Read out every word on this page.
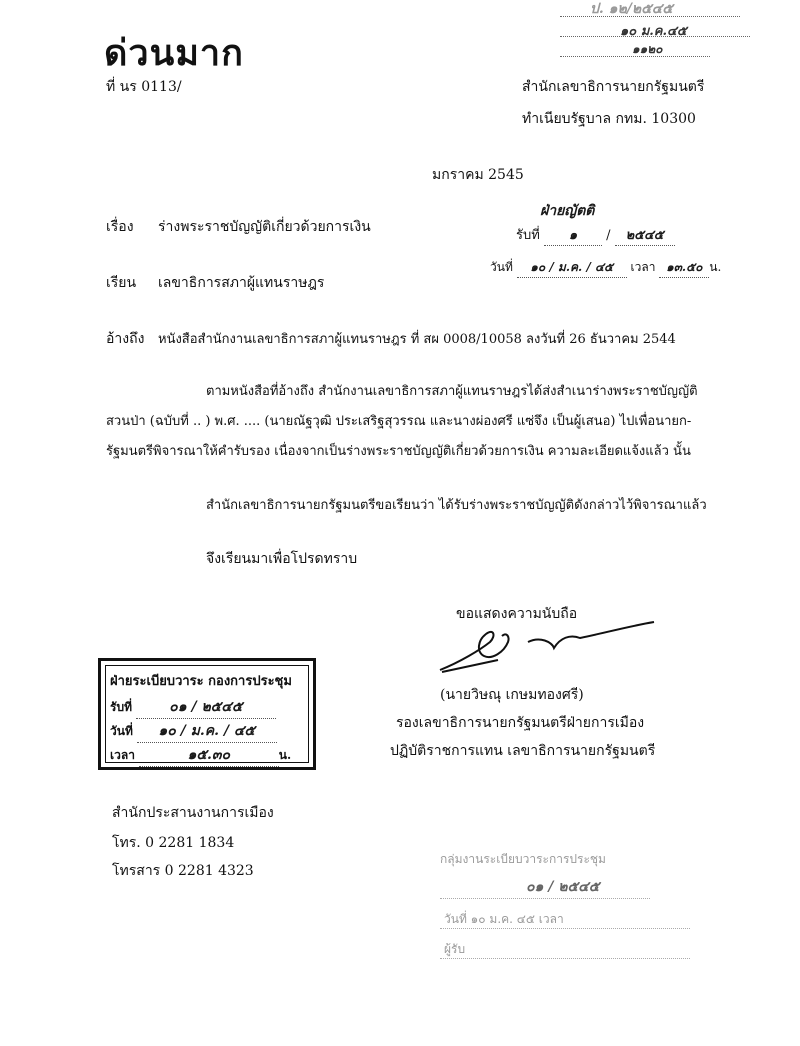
ป. ๑๒/๒๕๔๕
๑๐ ม.ค.๔๕
๑๑๒๐
ด่วนมาก
ที่ นร 0113/	สำนักเลขาธิการนายกรัฐมนตรี
ทำเนียบรัฐบาล กทม. 10300
มกราคม 2545
ฝ่ายญัตติ
รับที่ ๑ / ๒๕๔๕
วันที่ ๑๐ / ม.ค. / ๔๕ เวลา ๑๓.๕๐ น.
เรื่อง ร่างพระราชบัญญัติเกี่ยวด้วยการเงิน
เรียน เลขาธิการสภาผู้แทนราษฎร
อ้างถึง หนังสือสำนักงานเลขาธิการสภาผู้แทนราษฎร ที่ สผ 0008/10058 ลงวันที่ 26 ธันวาคม 2544
ตามหนังสือที่อ้างถึง สำนักงานเลขาธิการสภาผู้แทนราษฎรได้ส่งสำเนาร่างพระราชบัญญัติ
สวนป่า (ฉบับที่ .. ) พ.ศ. .... (นายณัฐวุฒิ ประเสริฐสุวรรณ และนางผ่องศรี แซ่จึง เป็นผู้เสนอ) ไปเพื่อนายก-
รัฐมนตรีพิจารณาให้คำรับรอง เนื่องจากเป็นร่างพระราชบัญญัติเกี่ยวด้วยการเงิน ความละเอียดแจ้งแล้ว นั้น
สำนักเลขาธิการนายกรัฐมนตรีขอเรียนว่า ได้รับร่างพระราชบัญญัติดังกล่าวไว้พิจารณาแล้ว
จึงเรียนมาเพื่อโปรดทราบ
ขอแสดงความนับถือ
(นายวิษณุ เกษมทองศรี)
รองเลขาธิการนายกรัฐมนตรีฝ่ายการเมือง
ปฏิบัติราชการแทน เลขาธิการนายกรัฐมนตรี
ฝ่ายระเบียบวาระ กองการประชุม
รับที่	๐๑ / ๒๕๔๕
วันที่ ๑๐ / ม.ค. / ๔๕
เวลา	๑๕.๓๐	น.
สำนักประสานงานการเมือง
โทร. 0 2281 1834
โทรสาร 0 2281 4323
กลุ่มงานระเบียบวาระการประชุม
๐๑ / ๒๕๔๕
วันที่ ๑๐ ม.ค. ๔๕ เวลา
ผู้รับ
